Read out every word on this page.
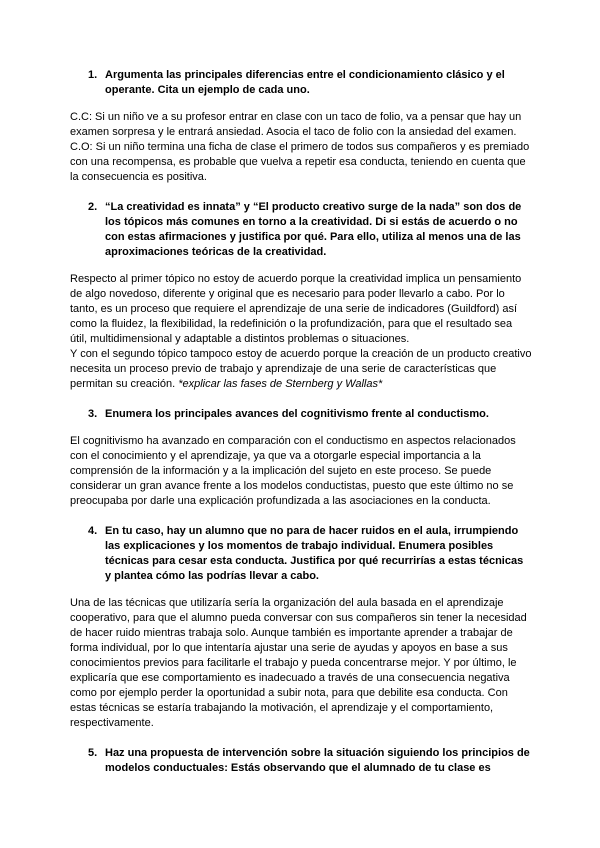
1. Argumenta las principales diferencias entre el condicionamiento clásico y el operante. Cita un ejemplo de cada uno.

C.C: Si un niño ve a su profesor entrar en clase con un taco de folio, va a pensar que hay un examen sorpresa y le entrará ansiedad. Asocia el taco de folio con la ansiedad del examen.
C.O: Si un niño termina una ficha de clase el primero de todos sus compañeros y es premiado con una recompensa, es probable que vuelva a repetir esa conducta, teniendo en cuenta que la consecuencia es positiva.

2. “La creatividad es innata” y “El producto creativo surge de la nada” son dos de los tópicos más comunes en torno a la creatividad. Di si estás de acuerdo o no con estas afirmaciones y justifica por qué. Para ello, utiliza al menos una de las aproximaciones teóricas de la creatividad.

Respecto al primer tópico no estoy de acuerdo porque la creatividad implica un pensamiento de algo novedoso, diferente y original que es necesario para poder llevarlo a cabo. Por lo tanto, es un proceso que requiere el aprendizaje de una serie de indicadores (Guildford) así como la fluidez, la flexibilidad, la redefinición o la profundización, para que el resultado sea útil, multidimensional y adaptable a distintos problemas o situaciones.
Y con el segundo tópico tampoco estoy de acuerdo porque la creación de un producto creativo necesita un proceso previo de trabajo y aprendizaje de una serie de características que permitan su creación. *explicar las fases de Sternberg y Wallas*

3. Enumera los principales avances del cognitivismo frente al conductismo.

El cognitivismo ha avanzado en comparación con el conductismo en aspectos relacionados con el conocimiento y el aprendizaje, ya que va a otorgarle especial importancia a la comprensión de la información y a la implicación del sujeto en este proceso. Se puede considerar un gran avance frente a los modelos conductistas, puesto que este último no se preocupaba por darle una explicación profundizada a las asociaciones en la conducta.

4. En tu caso, hay un alumno que no para de hacer ruidos en el aula, irrumpiendo las explicaciones y los momentos de trabajo individual. Enumera posibles técnicas para cesar esta conducta. Justifica por qué recurrirías a estas técnicas y plantea cómo las podrías llevar a cabo.

Una de las técnicas que utilizaría sería la organización del aula basada en el aprendizaje cooperativo, para que el alumno pueda conversar con sus compañeros sin tener la necesidad de hacer ruido mientras trabaja solo. Aunque también es importante aprender a trabajar de forma individual, por lo que intentaría ajustar una serie de ayudas y apoyos en base a sus conocimientos previos para facilitarle el trabajo y pueda concentrarse mejor. Y por último, le explicaría que ese comportamiento es inadecuado a través de una consecuencia negativa como por ejemplo perder la oportunidad a subir nota, para que debilite esa conducta. Con estas técnicas se estaría trabajando la motivación, el aprendizaje y el comportamiento, respectivamente.

5. Haz una propuesta de intervención sobre la situación siguiendo los principios de modelos conductuales: Estás observando que el alumnado de tu clase es
